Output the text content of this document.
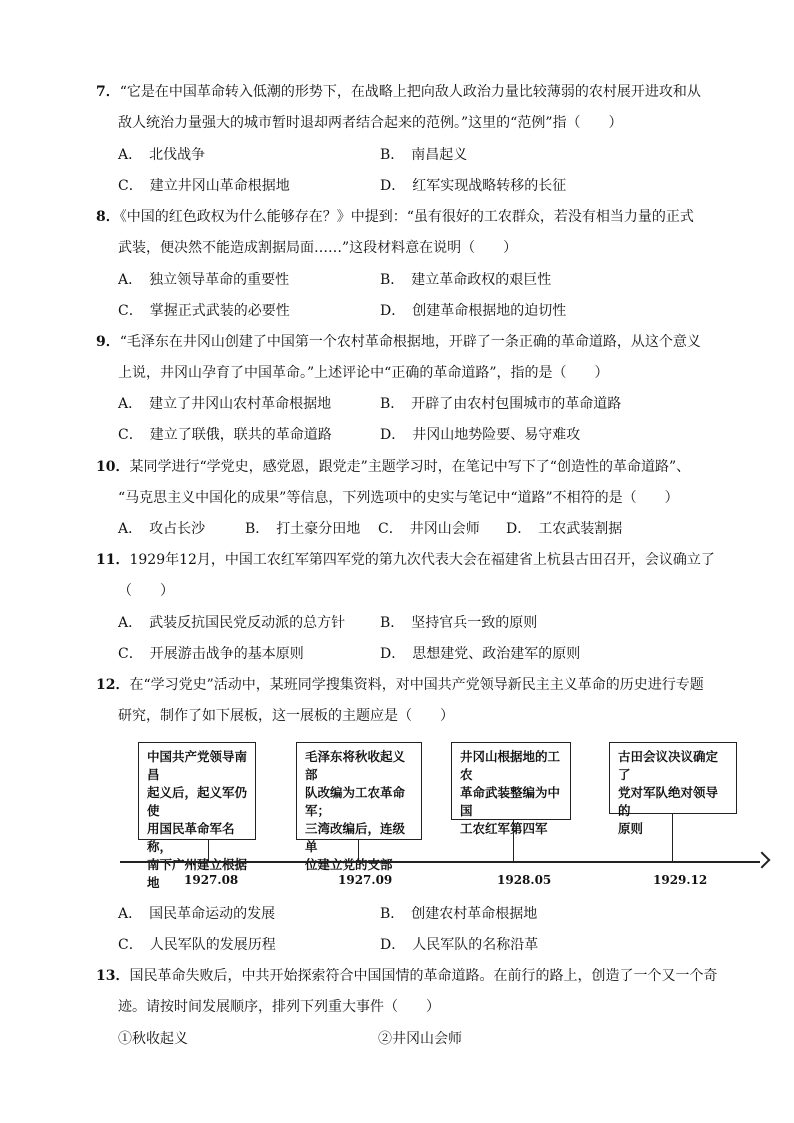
7．“它是在中国革命转入低潮的形势下，在战略上把向敌人政治力量比较薄弱的农村展开进攻和从
敌人统治力量强大的城市暂时退却两者结合起来的范例。”这里的“范例”指（　　）
A．　北伐战争	B．　南昌起义
C．　建立井冈山革命根据地	D．　红军实现战略转移的长征
8．《中国的红色政权为什么能够存在？》中提到：“虽有很好的工农群众，若没有相当力量的正式
武装，便决然不能造成割据局面……”这段材料意在说明（　　）
A．　独立领导革命的重要性	B．　建立革命政权的艰巨性
C．　掌握正式武装的必要性	D．　创建革命根据地的迫切性
9．“毛泽东在井冈山创建了中国第一个农村革命根据地，开辟了一条正确的革命道路，从这个意义
上说，井冈山孕育了中国革命。”上述评论中“正确的革命道路”，指的是（　　）
A．　建立了井冈山农村革命根据地	B．　开辟了由农村包围城市的革命道路
C．　建立了联俄，联共的革命道路	D．　井冈山地势险要、易守难攻
10．某同学进行“学党史，感党恩，跟党走”主题学习时，在笔记中写下了“创造性的革命道路”、
“马克思主义中国化的成果”等信息，下列选项中的史实与笔记中“道路”不相符的是（　　）
A．　攻占长沙	B．　打土豪分田地 C．　井冈山会师 D．　工农武装割据
11．1929年12月，中国工农红军第四军党的第九次代表大会在福建省上杭县古田召开，会议确立了
（　　）
A．　武装反抗国民党反动派的总方针 B．　坚持官兵一致的原则
C．　开展游击战争的基本原则	D．　思想建党、政治建军的原则
12．在“学习党史”活动中，某班同学搜集资料，对中国共产党领导新民主主义革命的历史进行专题
研究，制作了如下展板，这一展板的主题应是（　　）
中国共产党领导南昌
起义后，起义军仍使
用国民革命军名称，
南下广州建立根据地
毛泽东将秋收起义部
队改编为工农革命军；
三湾改编后，连级单
位建立党的支部
井冈山根据地的工农
革命武装整编为中国
工农红军第四军
古田会议决议确定了
党对军队绝对领导的
原则
1927.08	1927.09	1928.05	1929.12
A．　国民革命运动的发展	B．　创建农村革命根据地
C．　人民军队的发展历程	D．　人民军队的名称沿革
13．国民革命失败后，中共开始探索符合中国国情的革命道路。在前行的路上，创造了一个又一个奇
迹。请按时间发展顺序，排列下列重大事件（　　）
①秋收起义	②井冈山会师
